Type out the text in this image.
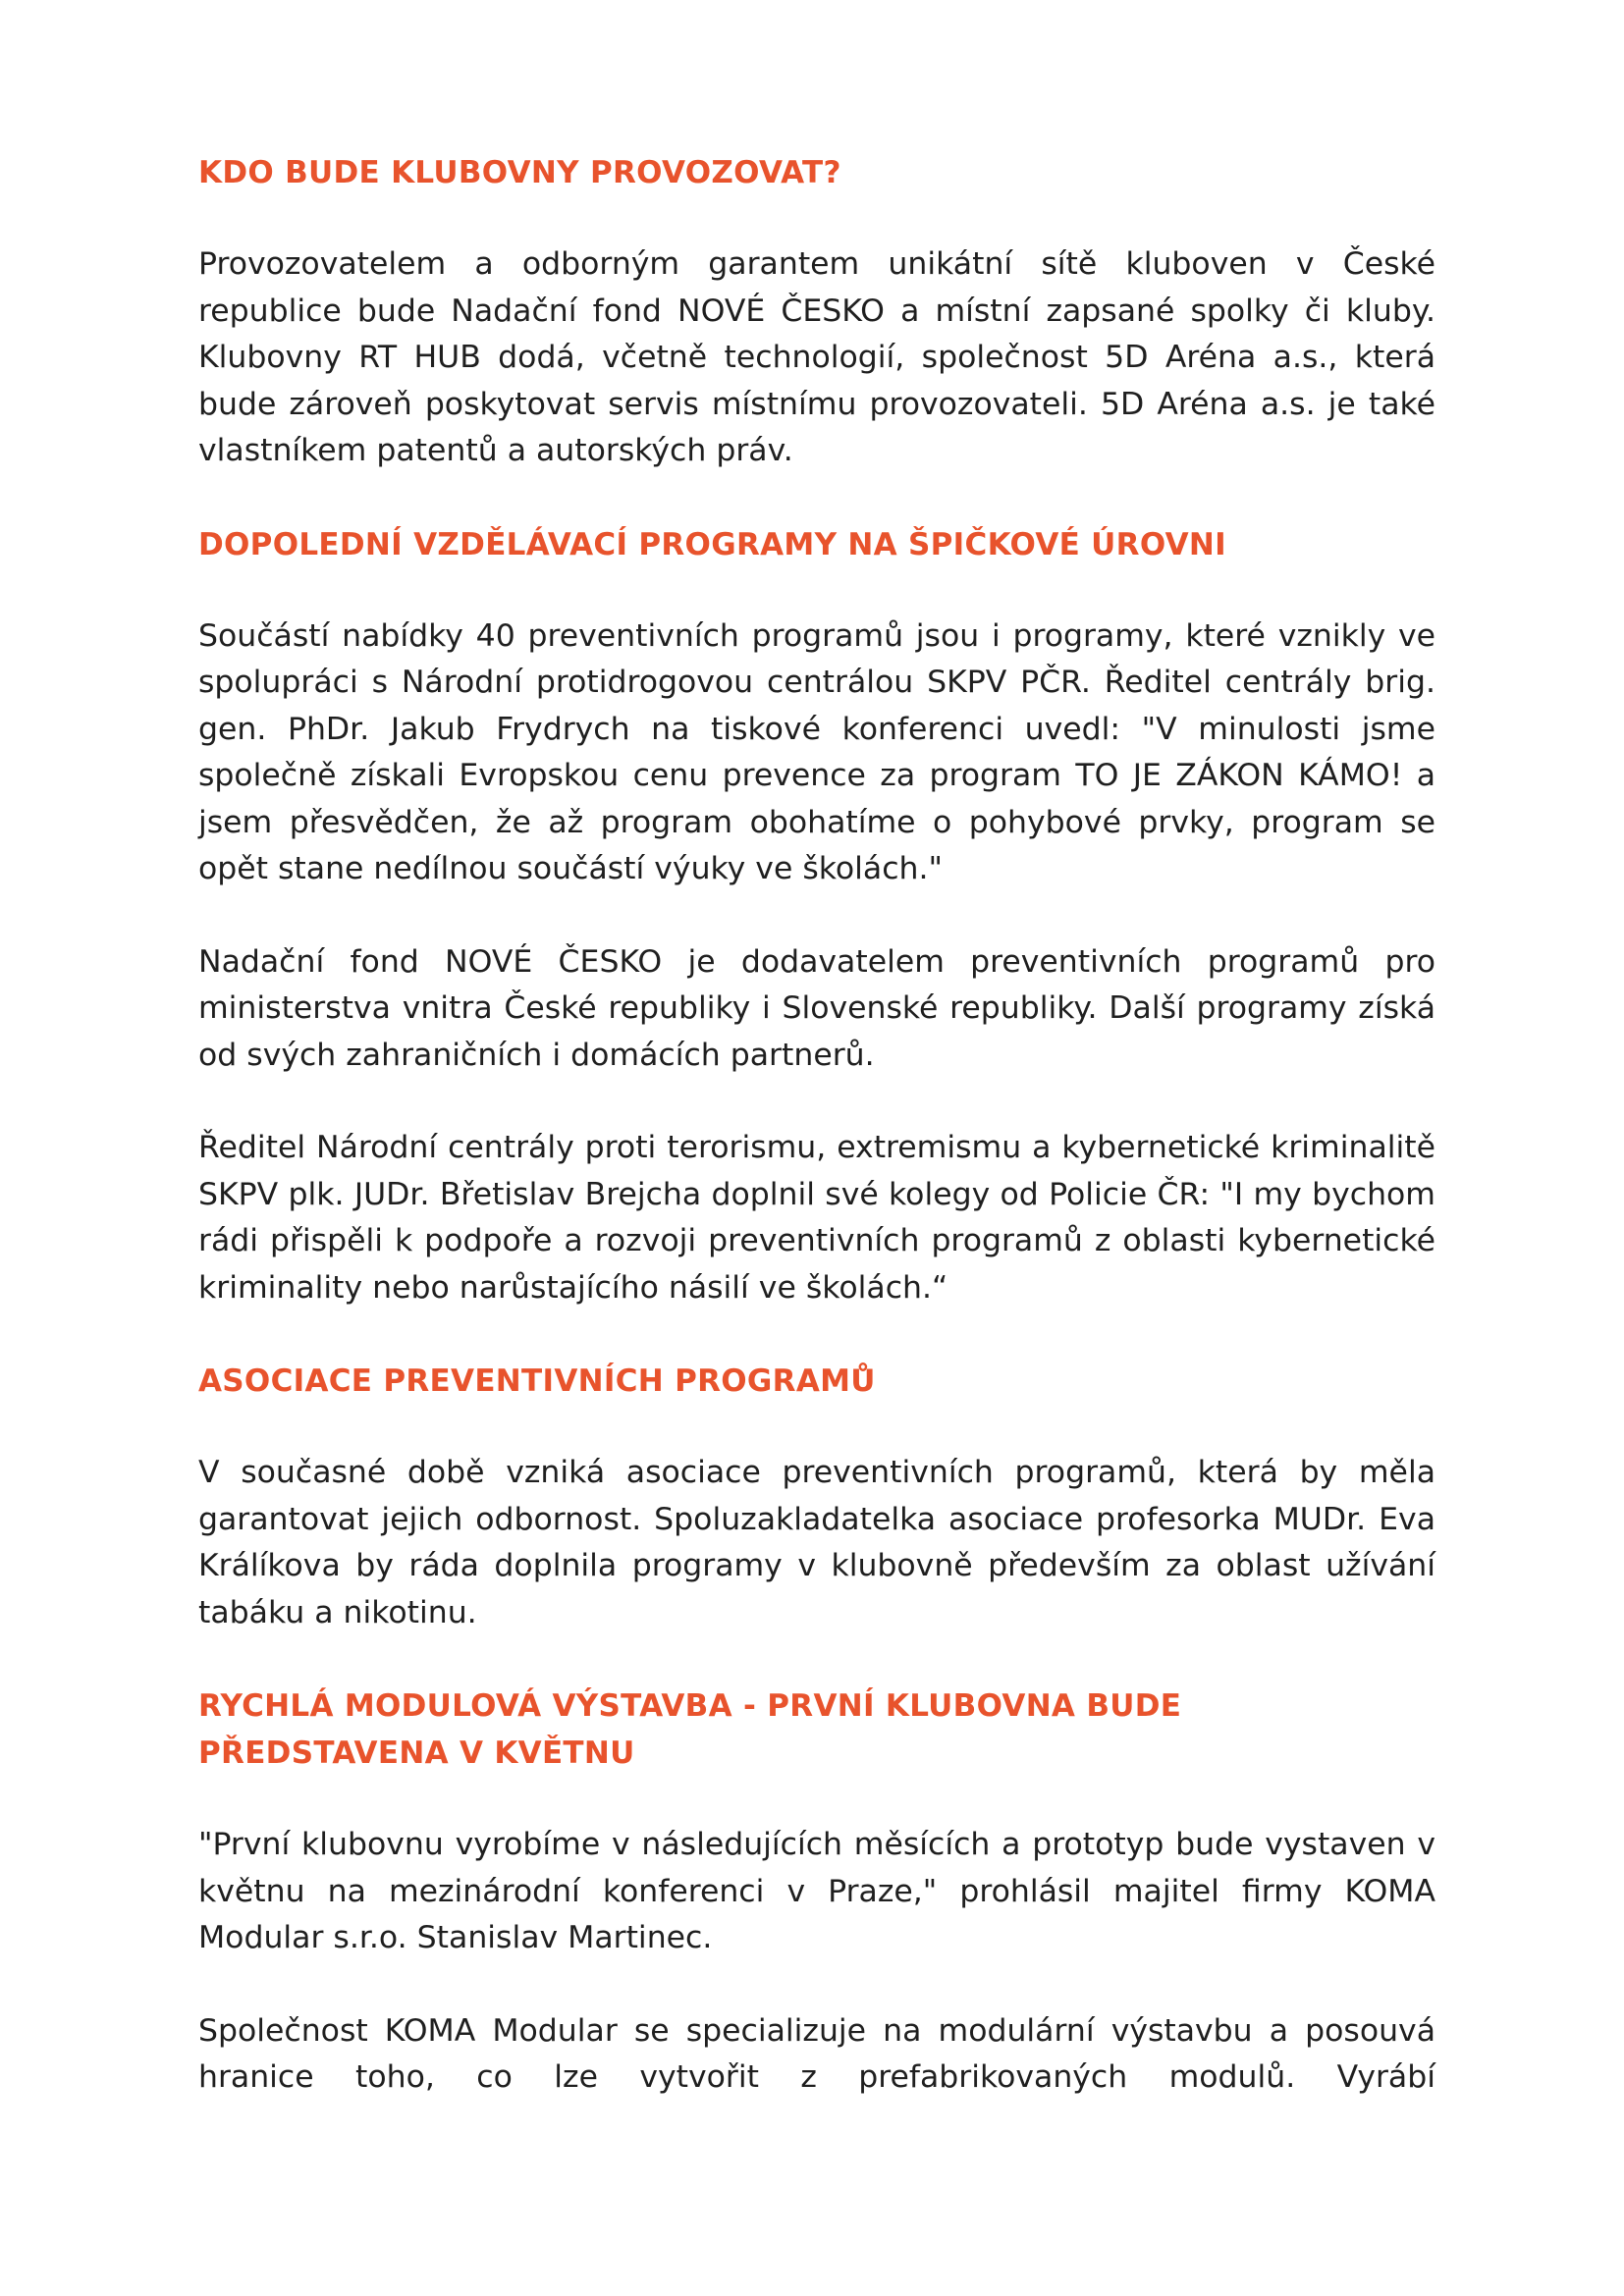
KDO BUDE KLUBOVNY PROVOZOVAT?

Provozovatelem a odborným garantem unikátní sítě kluboven v České republice bude Nadační fond NOVÉ ČESKO a místní zapsané spolky či kluby. Klubovny RT HUB dodá, včetně technologií, společnost 5D Aréna a.s., která bude zároveň poskytovat servis místnímu provozovateli. 5D Aréna a.s. je také vlastníkem patentů a autorských práv.

DOPOLEDNÍ VZDĚLÁVACÍ PROGRAMY NA ŠPIČKOVÉ ÚROVNI

Součástí nabídky 40 preventivních programů jsou i programy, které vznikly ve spolupráci s Národní protidrogovou centrálou SKPV PČR. Ředitel centrály brig. gen. PhDr. Jakub Frydrych na tiskové konferenci uvedl: "V minulosti jsme společně získali Evropskou cenu prevence za program TO JE ZÁKON KÁMO! a jsem přesvědčen, že až program obohatíme o pohybové prvky, program se opět stane nedílnou součástí výuky ve školách."

Nadační fond NOVÉ ČESKO je dodavatelem preventivních programů pro ministerstva vnitra České republiky i Slovenské republiky. Další programy získá od svých zahraničních i domácích partnerů.

Ředitel Národní centrály proti terorismu, extremismu a kybernetické kriminalitě SKPV plk. JUDr. Břetislav Brejcha doplnil své kolegy od Policie ČR: "I my bychom rádi přispěli k podpoře a rozvoji preventivních programů z oblasti kybernetické kriminality nebo narůstajícího násilí ve školách.“

ASOCIACE PREVENTIVNÍCH PROGRAMŮ

V současné době vzniká asociace preventivních programů, která by měla garantovat jejich odbornost. Spoluzakladatelka asociace profesorka MUDr. Eva Králíkova by ráda doplnila programy v klubovně především za oblast užívání tabáku a nikotinu.

RYCHLÁ MODULOVÁ VÝSTAVBA - PRVNÍ KLUBOVNA BUDE PŘEDSTAVENA V KVĚTNU

"První klubovnu vyrobíme v následujících měsících a prototyp bude vystaven v květnu na mezinárodní konferenci v Praze," prohlásil majitel firmy KOMA Modular s.r.o. Stanislav Martinec.

Společnost KOMA Modular se specializuje na modulární výstavbu a posouvá hranice toho, co lze vytvořit z prefabrikovaných modulů. Vyrábí
